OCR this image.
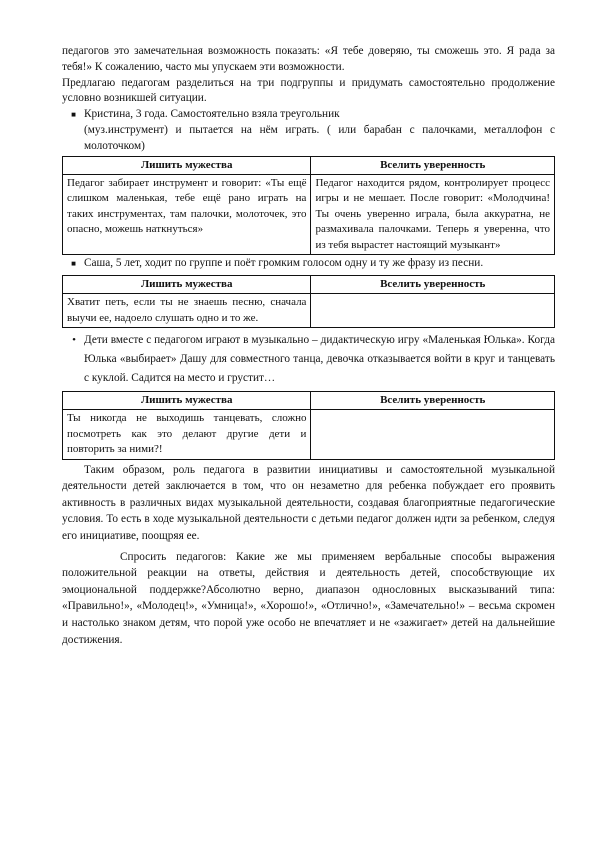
педагогов это замечательная возможность показать: «Я тебе доверяю, ты сможешь это. Я рада за тебя!» К сожалению, часто мы упускаем эти возможности.

Предлагаю педагогам разделиться на три подгруппы и придумать самостоятельно продолжение условно возникшей ситуации.

■ Кристина, 3 года. Самостоятельно взяла треугольник

(муз.инструмент) и пытается на нём играть. ( или барабан с палочками, металлофон с молоточком)

Лишить мужества	Вселить уверенность
Педагог забирает инструмент и говорит: «Ты ещё слишком маленькая, тебе ещё рано играть на таких инструментах, там палочки, молоточек, это опасно, можешь наткнуться»	Педагог находится рядом, контролирует процесс игры и не мешает. После говорит: «Молодчина! Ты очень уверенно играла, была аккуратна, не размахивала палочками. Теперь я уверенна, что из тебя вырастет настоящий музыкант»
■ Саша, 5 лет, ходит по группе и поёт громким голосом одну и ту же фразу из песни.
Лишить мужества	Вселить уверенность
Хватит петь, если ты не знаешь песню, сначала выучи ее, надоело слушать одно и то же.	
• Дети вместе с педагогом играют в музыкально – дидактическую игру «Маленькая Юлька». Когда Юлька «выбирает» Дашу для совместного танца, девочка отказывается войти в круг и танцевать с куклой. Садится на место и грустит…
Лишить мужества	Вселить уверенность
Ты никогда не выходишь танцевать, сложно посмотреть как это делают другие дети и повторить за ними?!	

Таким образом, роль педагога в развитии инициативы и самостоятельной музыкальной деятельности детей заключается в том, что он незаметно для ребенка побуждает его проявить активность в различных видах музыкальной деятельности, создавая благоприятные педагогические условия. То есть в ходе музыкальной деятельности с детьми педагог должен идти за ребенком, следуя его инициативе, поощряя ее.

Спросить педагогов: Какие же мы применяем вербальные способы выражения положительной реакции на ответы, действия и деятельность детей, способствующие их эмоциональной поддержке?Абсолютно верно, диапазон однословных высказываний типа: «Правильно!», «Молодец!», «Умница!», «Хорошо!», «Отлично!», «Замечательно!» – весьма скромен и настолько знаком детям, что порой уже особо не впечатляет и не «зажигает» детей на дальнейшие достижения.
